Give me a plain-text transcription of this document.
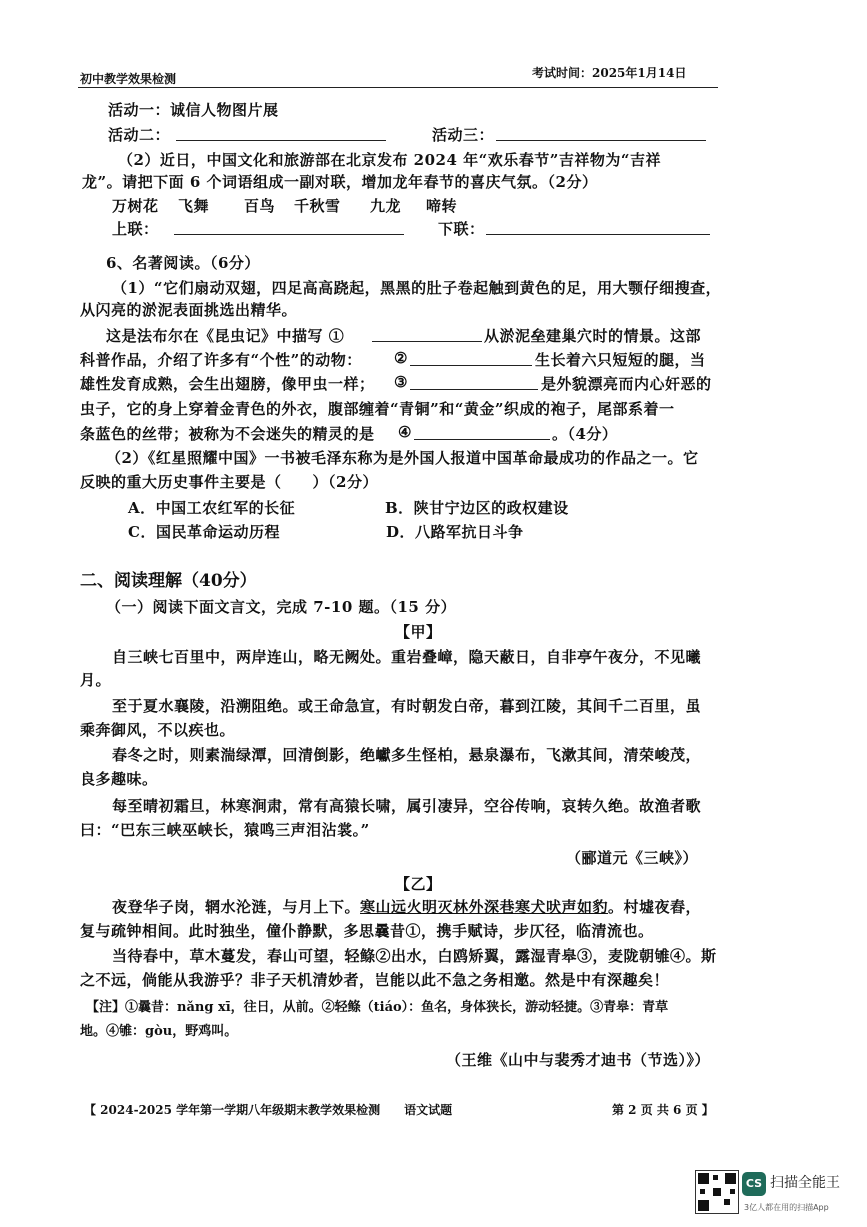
初中教学效果检测	考试时间：2025年1月14日
活动一：诚信人物图片展
活动二：	活动三：
（2）近日，中国文化和旅游部在北京发布 2024 年“欢乐春节”吉祥物为“吉祥
龙”。请把下面 6 个词语组成一副对联，增加龙年春节的喜庆气氛。（2分）
万树花 飞舞 百鸟 千秋雪 九龙 啼转
上联：	下联：
6、名著阅读。（6分）
（1）“它们扇动双翅，四足高高跷起，黑黑的肚子卷起触到黄色的足，用大颚仔细搜查，
从闪亮的淤泥表面挑选出精华。
这是法布尔在《昆虫记》中描写 ①	从淤泥垒建巢穴时的情景。这部
科普作品，介绍了许多有“个性”的动物： ②	生长着六只短短的腿，当
雄性发育成熟，会生出翅膀，像甲虫一样； ③	是外貌漂亮而内心奸恶的
虫子，它的身上穿着金青色的外衣，腹部缠着“青铜”和“黄金”织成的袍子，尾部系着一
条蓝色的丝带；被称为不会迷失的精灵的是 ④	。（4分）
（2）《红星照耀中国》一书被毛泽东称为是外国人报道中国革命最成功的作品之一。它
反映的重大历史事件主要是（　　）（2分）
A．中国工农红军的长征	B．陕甘宁边区的政权建设
C．国民革命运动历程	D．八路军抗日斗争
二、阅读理解（40分）
（一）阅读下面文言文，完成 7-10 题。（15 分）
【甲】
自三峡七百里中，两岸连山，略无阙处。重岩叠嶂，隐天蔽日，自非亭午夜分，不见曦
月。
至于夏水襄陵，沿溯阻绝。或王命急宣，有时朝发白帝，暮到江陵，其间千二百里，虽
乘奔御风，不以疾也。
春冬之时，则素湍绿潭，回清倒影，绝巘多生怪柏，悬泉瀑布，飞漱其间，清荣峻茂，
良多趣味。
每至晴初霜旦，林寒涧肃，常有高猿长啸，属引凄异，空谷传响，哀转久绝。故渔者歌
曰：“巴东三峡巫峡长，猿鸣三声泪沾裳。”
（郦道元《三峡》）
【乙】
夜登华子岗，辋水沦涟，与月上下。寒山远火明灭林外深巷寒犬吠声如豹。村墟夜舂，
复与疏钟相间。此时独坐，僮仆静默，多思曩昔①，携手赋诗，步仄径，临清流也。
当待春中，草木蔓发，春山可望，轻鲦②出水，白鸥矫翼，露湿青皋③，麦陇朝雊④。斯
之不远，倘能从我游乎？非子天机清妙者，岂能以此不急之务相邀。然是中有深趣矣！
【注】①曩昔：nǎng xī，往日，从前。②轻鲦（tiáo）：鱼名，身体狭长，游动轻捷。③青皋：青草
地。④雊：gòu，野鸡叫。
（王维《山中与裴秀才迪书（节选）》）
【 2024-2025 学年第一学期八年级期末教学效果检测　　语文试题	第 2 页 共 6 页 】
CS 扫描全能王
3亿人都在用的扫描App
